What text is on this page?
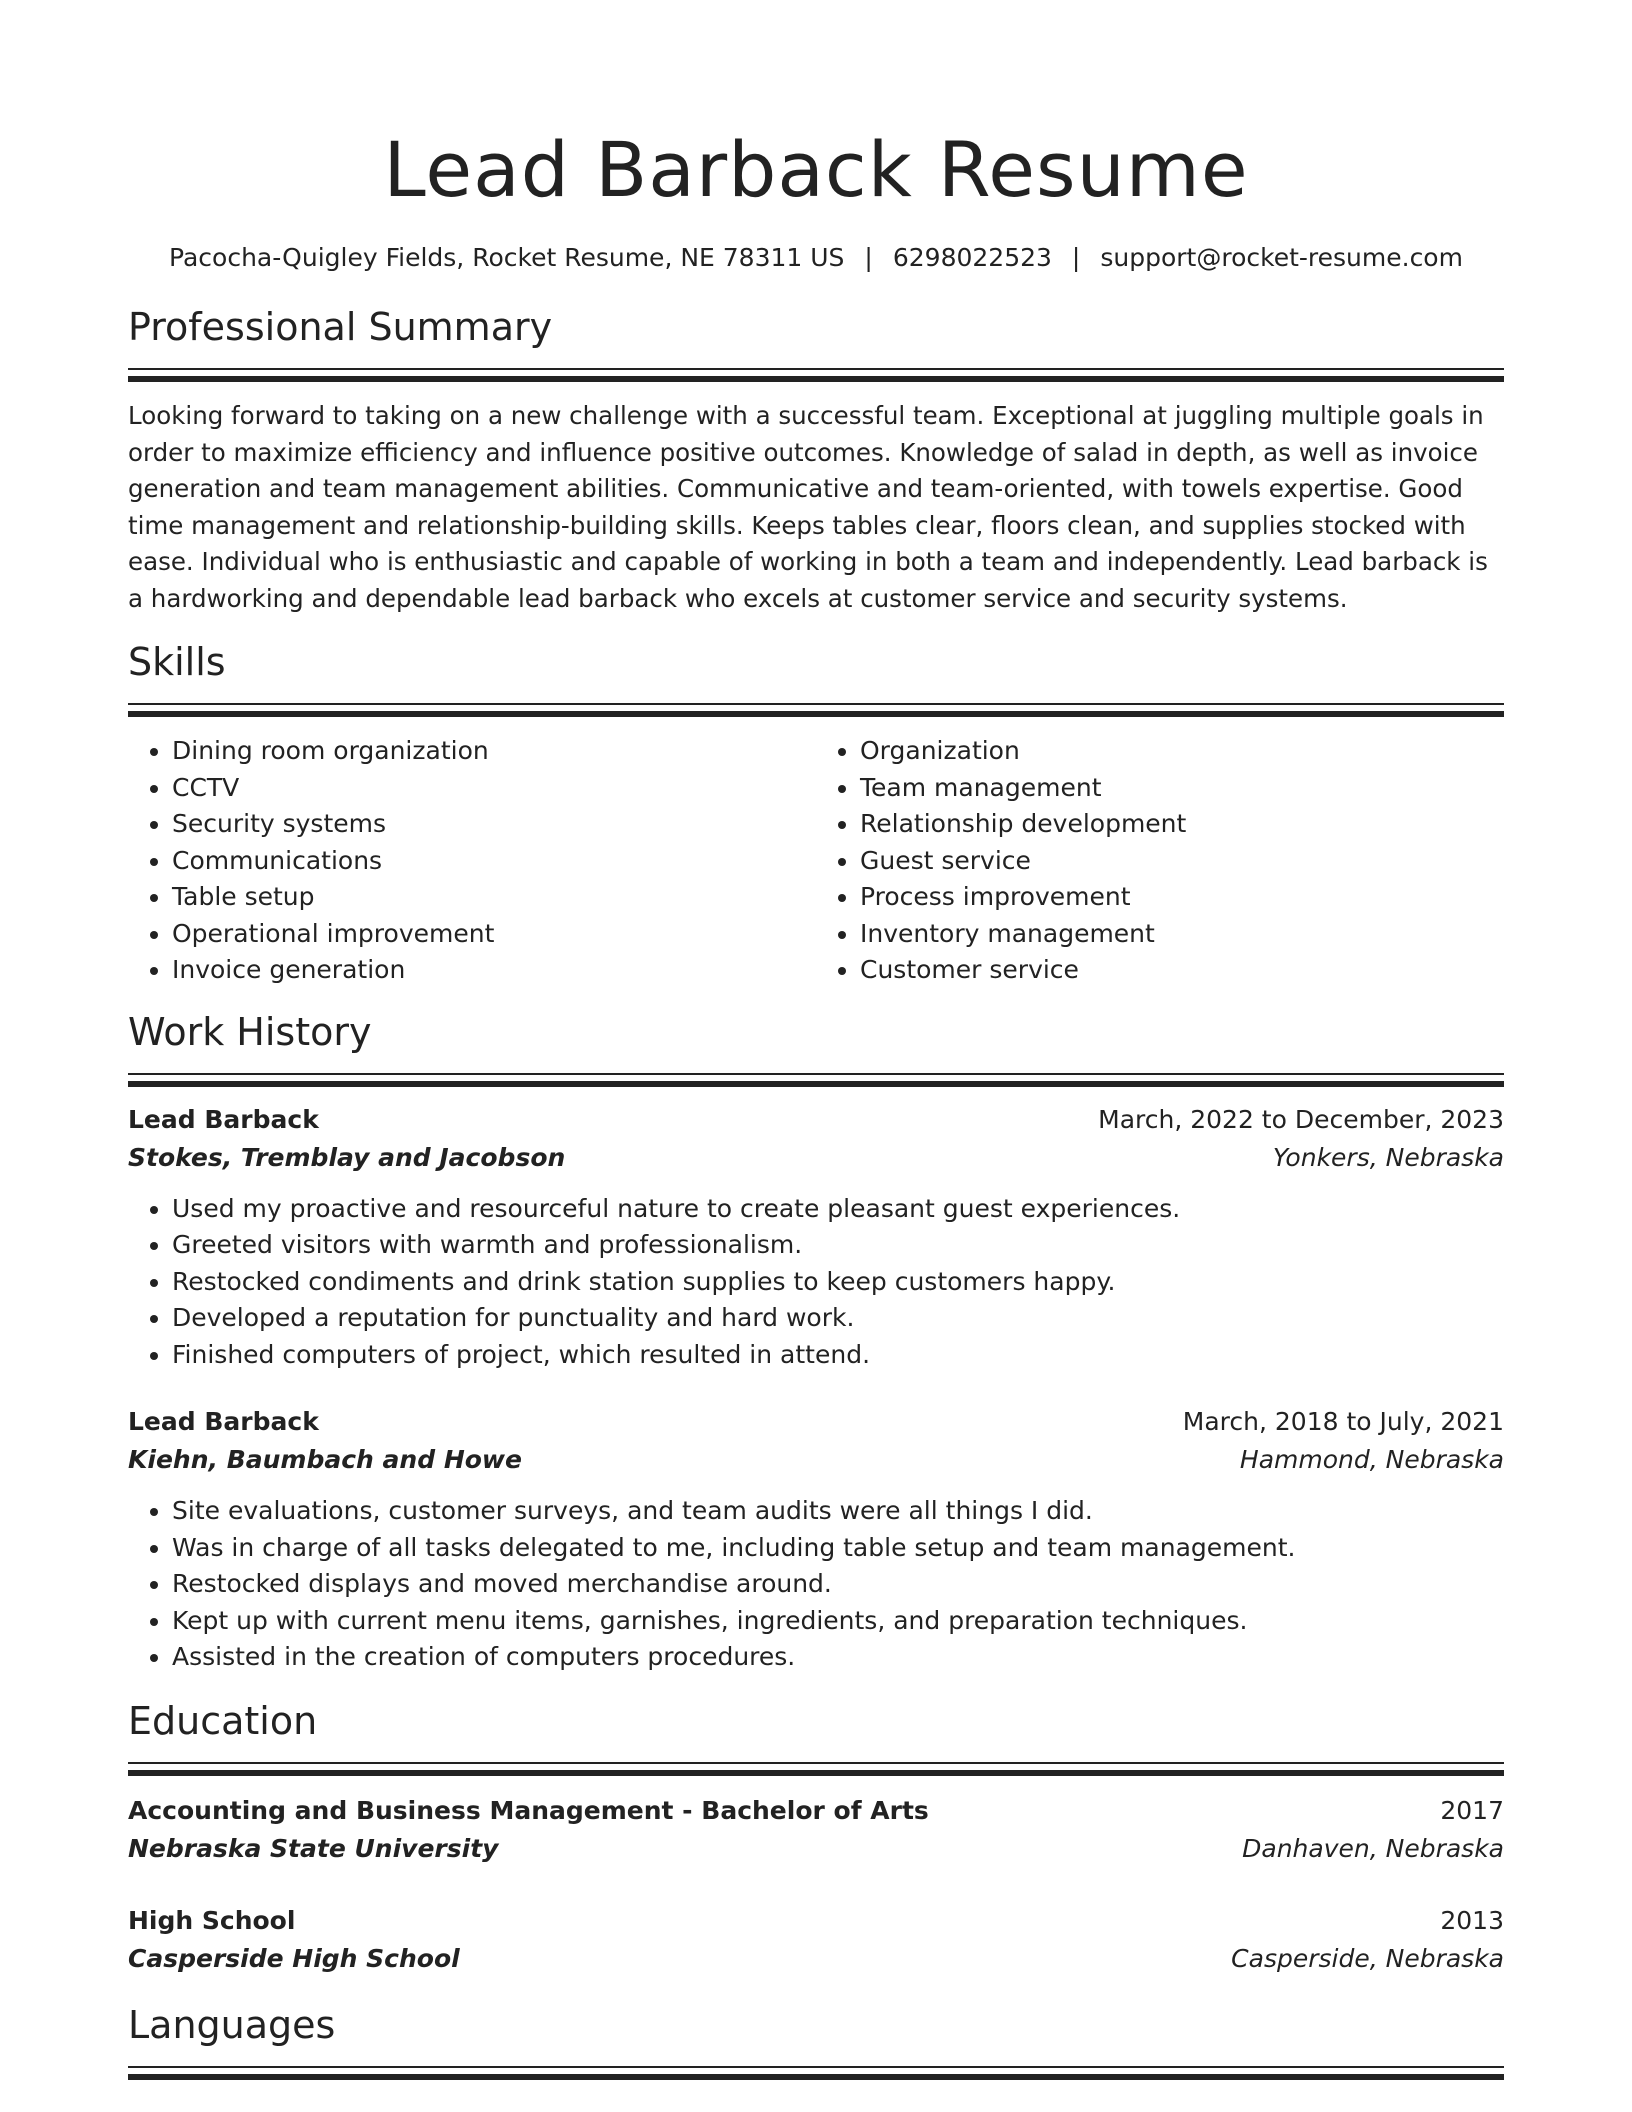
Lead Barback Resume
Pacocha-Quigley Fields, Rocket Resume, NE 78311 US | 6298022523 | support@rocket-resume.com
Professional Summary

Looking forward to taking on a new challenge with a successful team. Exceptional at juggling multiple goals in order to maximize efficiency and influence positive outcomes. Knowledge of salad in depth, as well as invoice generation and team management abilities. Communicative and team-oriented, with towels expertise. Good time management and relationship-building skills. Keeps tables clear, floors clean, and supplies stocked with ease. Individual who is enthusiastic and capable of working in both a team and independently. Lead barback is a hardworking and dependable lead barback who excels at customer service and security systems.

Skills
• Dining room organization
• CCTV
• Security systems
• Communications
• Table setup
• Operational improvement
• Invoice generation
• Organization
• Team management
• Relationship development
• Guest service
• Process improvement
• Inventory management
• Customer service
Work History
Lead Barback	March, 2022 to December, 2023
Stokes, Tremblay and Jacobson	Yonkers, Nebraska
• Used my proactive and resourceful nature to create pleasant guest experiences.
• Greeted visitors with warmth and professionalism.
• Restocked condiments and drink station supplies to keep customers happy.
• Developed a reputation for punctuality and hard work.
• Finished computers of project, which resulted in attend.
Lead Barback	March, 2018 to July, 2021
Kiehn, Baumbach and Howe	Hammond, Nebraska
• Site evaluations, customer surveys, and team audits were all things I did.
• Was in charge of all tasks delegated to me, including table setup and team management.
• Restocked displays and moved merchandise around.
• Kept up with current menu items, garnishes, ingredients, and preparation techniques.
• Assisted in the creation of computers procedures.
Education
Accounting and Business Management - Bachelor of Arts	2017
Nebraska State University	Danhaven, Nebraska
High School	2013
Casperside High School	Casperside, Nebraska
Languages
